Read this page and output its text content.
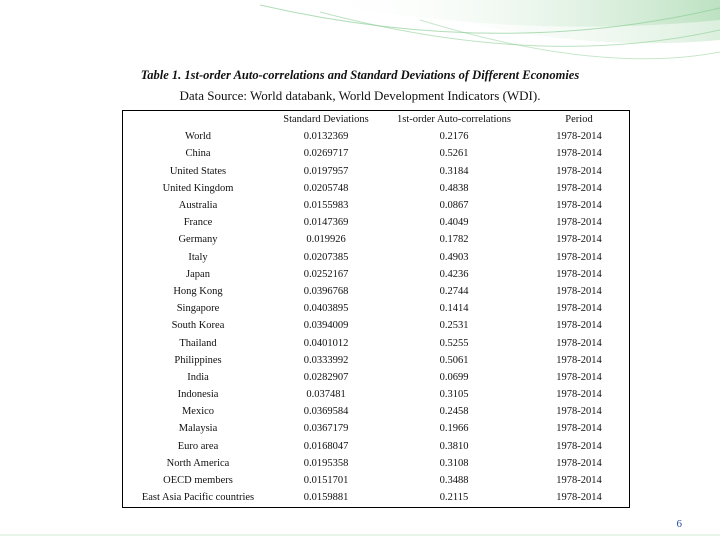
Table 1. 1st-order Auto-correlations and Standard Deviations of Different Economies
Data Source: World databank, World Development Indicators (WDI).
	Standard Deviations	1st-order Auto-correlations	Period
World	0.0132369	0.2176	1978-2014
China	0.0269717	0.5261	1978-2014
United States	0.0197957	0.3184	1978-2014
United Kingdom	0.0205748	0.4838	1978-2014
Australia	0.0155983	0.0867	1978-2014
France	0.0147369	0.4049	1978-2014
Germany	0.019926	0.1782	1978-2014
Italy	0.0207385	0.4903	1978-2014
Japan	0.0252167	0.4236	1978-2014
Hong Kong	0.0396768	0.2744	1978-2014
Singapore	0.0403895	0.1414	1978-2014
South Korea	0.0394009	0.2531	1978-2014
Thailand	0.0401012	0.5255	1978-2014
Philippines	0.0333992	0.5061	1978-2014
India	0.0282907	0.0699	1978-2014
Indonesia	0.037481	0.3105	1978-2014
Mexico	0.0369584	0.2458	1978-2014
Malaysia	0.0367179	0.1966	1978-2014
Euro area	0.0168047	0.3810	1978-2014
North America	0.0195358	0.3108	1978-2014
OECD members	0.0151701	0.3488	1978-2014
East Asia Pacific countries	0.0159881	0.2115	1978-2014
6
